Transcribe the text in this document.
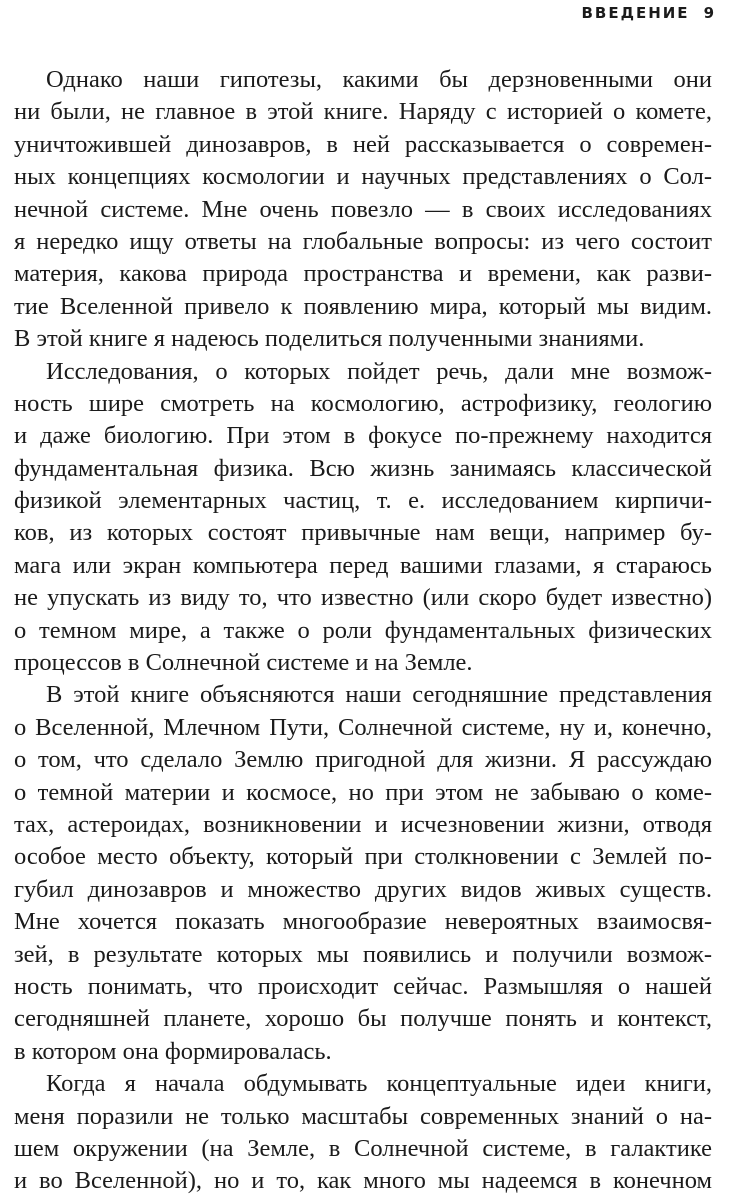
ВВЕДЕНИЕ 9
Однако наши гипотезы, какими бы дерзновенными они
ни были, не главное в этой книге. Наряду с историей о комете,
уничтожившей динозавров, в ней рассказывается о современ-
ных концепциях космологии и научных представлениях о Сол-
нечной системе. Мне очень повезло — в своих исследованиях
я нередко ищу ответы на глобальные вопросы: из чего состоит
материя, какова природа пространства и времени, как разви-
тие Вселенной привело к появлению мира, который мы видим.
В этой книге я надеюсь поделиться полученными знаниями.
Исследования, о которых пойдет речь, дали мне возмож-
ность шире смотреть на космологию, астрофизику, геологию
и даже биологию. При этом в фокусе по-прежнему находится
фундаментальная физика. Всю жизнь занимаясь классической
физикой элементарных частиц, т. е. исследованием кирпичи-
ков, из которых состоят привычные нам вещи, например бу-
мага или экран компьютера перед вашими глазами, я стараюсь
не упускать из виду то, что известно (или скоро будет известно)
о темном мире, а также о роли фундаментальных физических
процессов в Солнечной системе и на Земле.
В этой книге объясняются наши сегодняшние представления
о Вселенной, Млечном Пути, Солнечной системе, ну и, конечно,
о том, что сделало Землю пригодной для жизни. Я рассуждаю
о темной материи и космосе, но при этом не забываю о коме-
тах, астероидах, возникновении и исчезновении жизни, отводя
особое место объекту, который при столкновении с Землей по-
губил динозавров и множество других видов живых существ.
Мне хочется показать многообразие невероятных взаимосвя-
зей, в результате которых мы появились и получили возмож-
ность понимать, что происходит сейчас. Размышляя о нашей
сегодняшней планете, хорошо бы получше понять и контекст,
в котором она формировалась.
Когда я начала обдумывать концептуальные идеи книги,
меня поразили не только масштабы современных знаний о на-
шем окружении (на Земле, в Солнечной системе, в галактике
и во Вселенной), но и то, как много мы надеемся в конечном
